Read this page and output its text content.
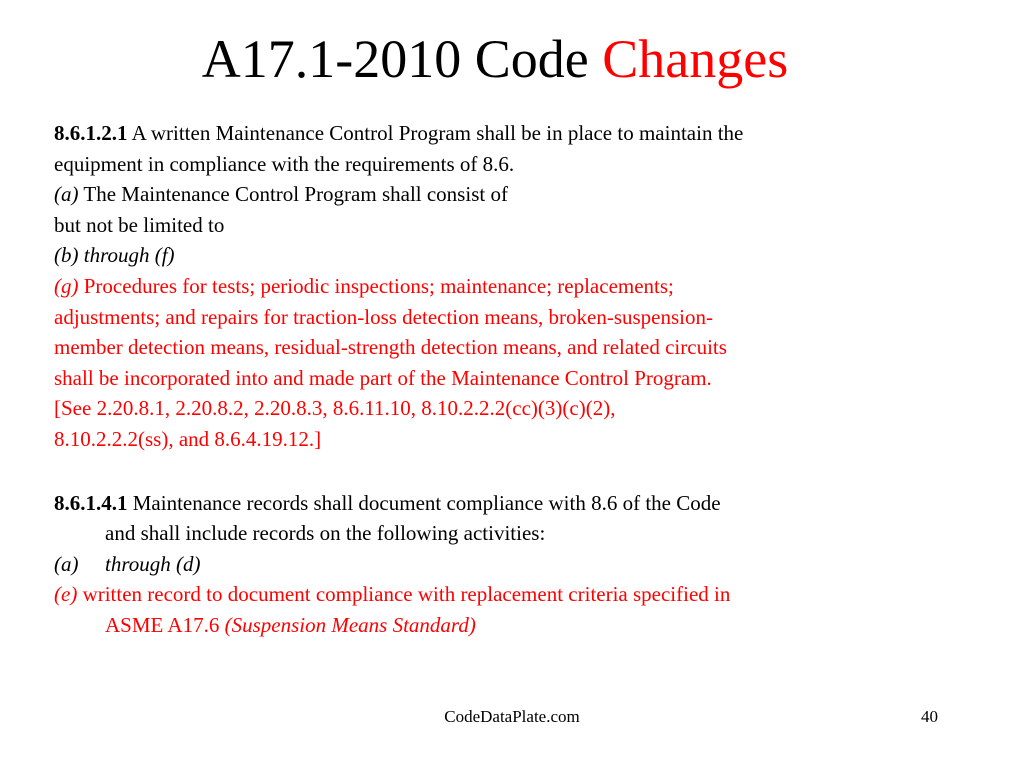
A17.1-2010 Code Changes
8.6.1.2.1 A written Maintenance Control Program shall be in place to maintain the
equipment in compliance with the requirements of 8.6.
(a) The Maintenance Control Program shall consist of
but not be limited to
(b) through (f)
(g) Procedures for tests; periodic inspections; maintenance; replacements;
adjustments; and repairs for traction-loss detection means, broken-suspension-
member detection means, residual-strength detection means, and related circuits
shall be incorporated into and made part of the Maintenance Control Program.
[See 2.20.8.1, 2.20.8.2, 2.20.8.3, 8.6.11.10, 8.10.2.2.2(cc)(3)(c)(2),
8.10.2.2.2(ss), and 8.6.4.19.12.]
8.6.1.4.1 Maintenance records shall document compliance with 8.6 of the Code
and shall include records on the following activities:
(a) through (d)
(e) written record to document compliance with replacement criteria specified in
ASME A17.6 (Suspension Means Standard)
CodeDataPlate.com	40
